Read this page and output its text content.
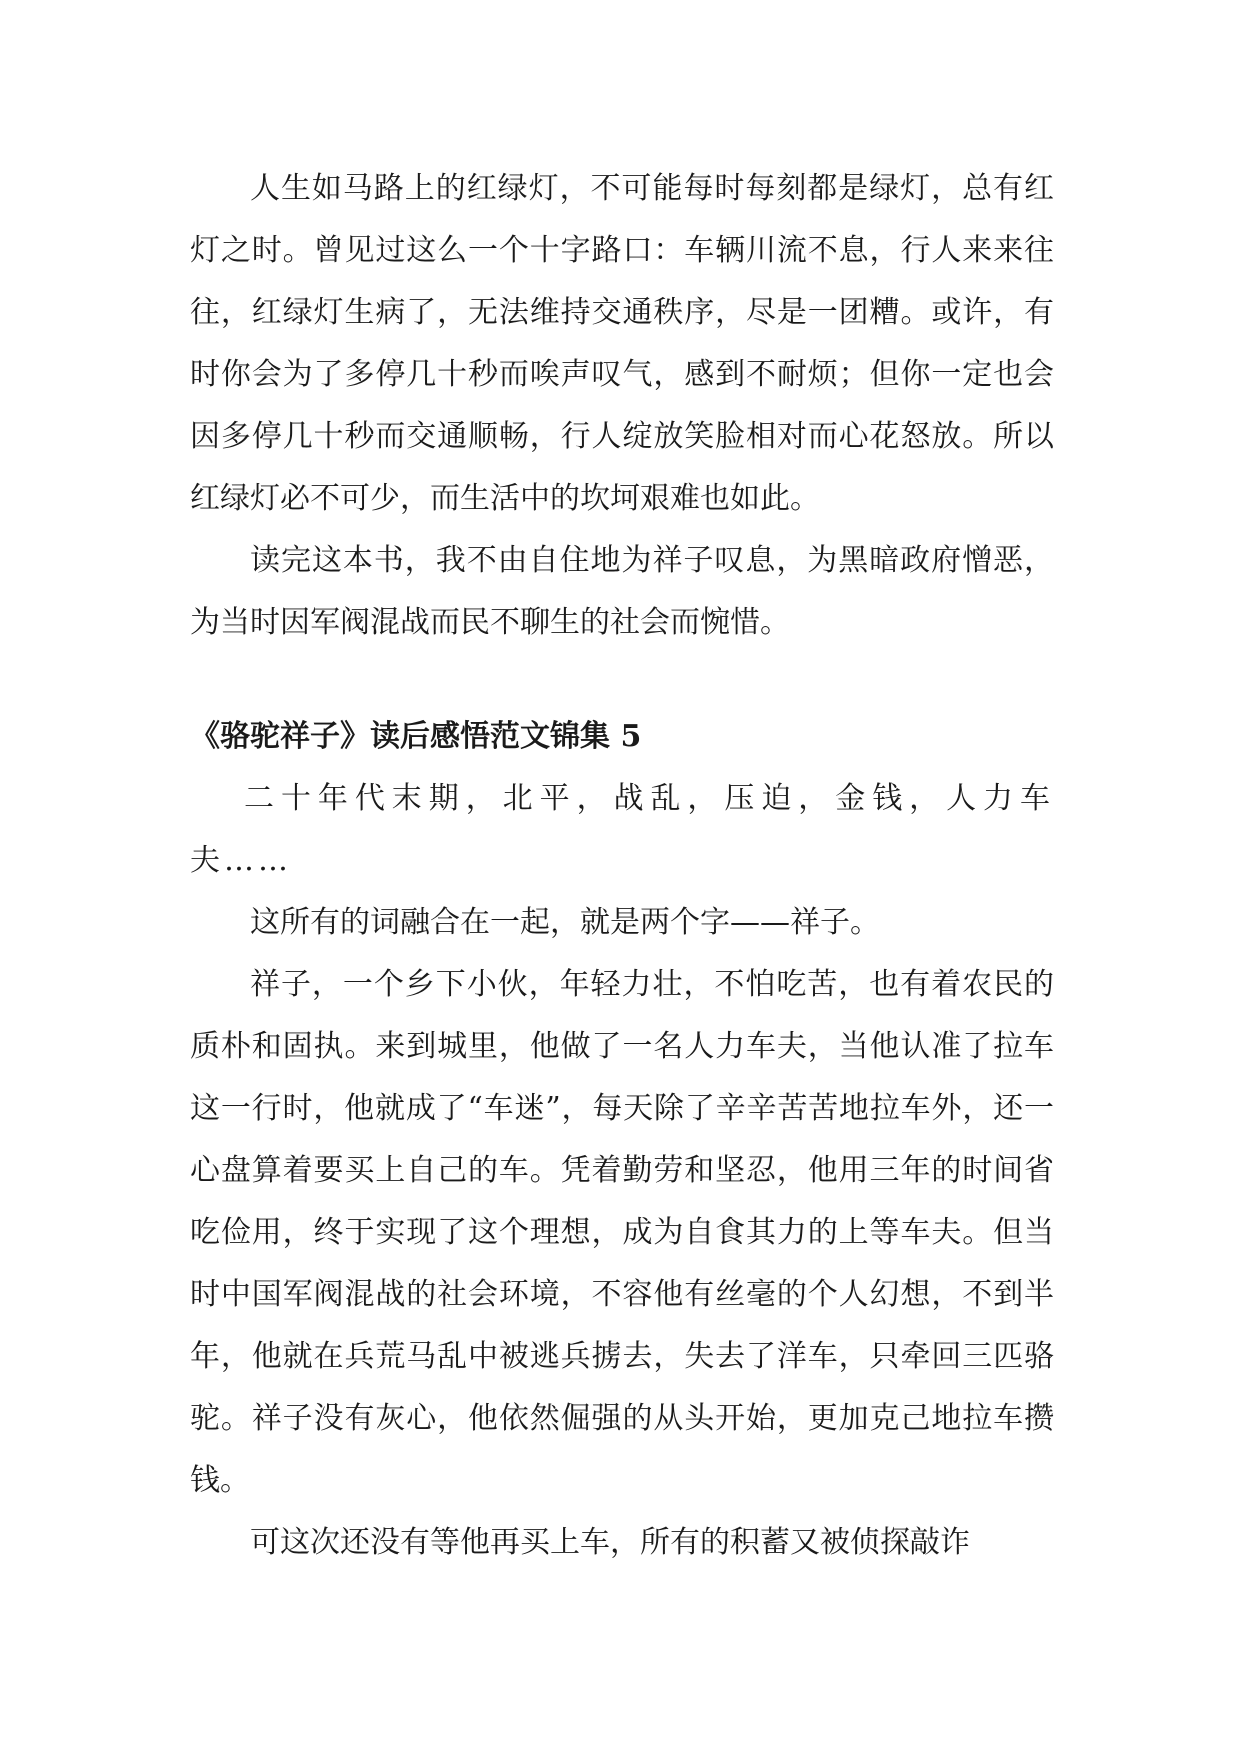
人生如马路上的红绿灯，不可能每时每刻都是绿灯，总有红灯之时。曾见过这么一个十字路口：车辆川流不息，行人来来往往，红绿灯生病了，无法维持交通秩序，尽是一团糟。或许，有时你会为了多停几十秒而唉声叹气，感到不耐烦；但你一定也会因多停几十秒而交通顺畅，行人绽放笑脸相对而心花怒放。所以红绿灯必不可少，而生活中的坎坷艰难也如此。

读完这本书，我不由自住地为祥子叹息，为黑暗政府憎恶，为当时因军阀混战而民不聊生的社会而惋惜。

《骆驼祥子》读后感悟范文锦集 5

二十年代末期，北平，战乱，压迫，金钱，人力车夫……

这所有的词融合在一起，就是两个字——祥子。

祥子，一个乡下小伙，年轻力壮，不怕吃苦，也有着农民的质朴和固执。来到城里，他做了一名人力车夫，当他认准了拉车这一行时，他就成了“车迷”，每天除了辛辛苦苦地拉车外，还一心盘算着要买上自己的车。凭着勤劳和坚忍，他用三年的时间省吃俭用，终于实现了这个理想，成为自食其力的上等车夫。但当时中国军阀混战的社会环境，不容他有丝毫的个人幻想，不到半年，他就在兵荒马乱中被逃兵掳去，失去了洋车，只牵回三匹骆驼。祥子没有灰心，他依然倔强的从头开始，更加克己地拉车攒钱。

可这次还没有等他再买上车，所有的积蓄又被侦探敲诈
